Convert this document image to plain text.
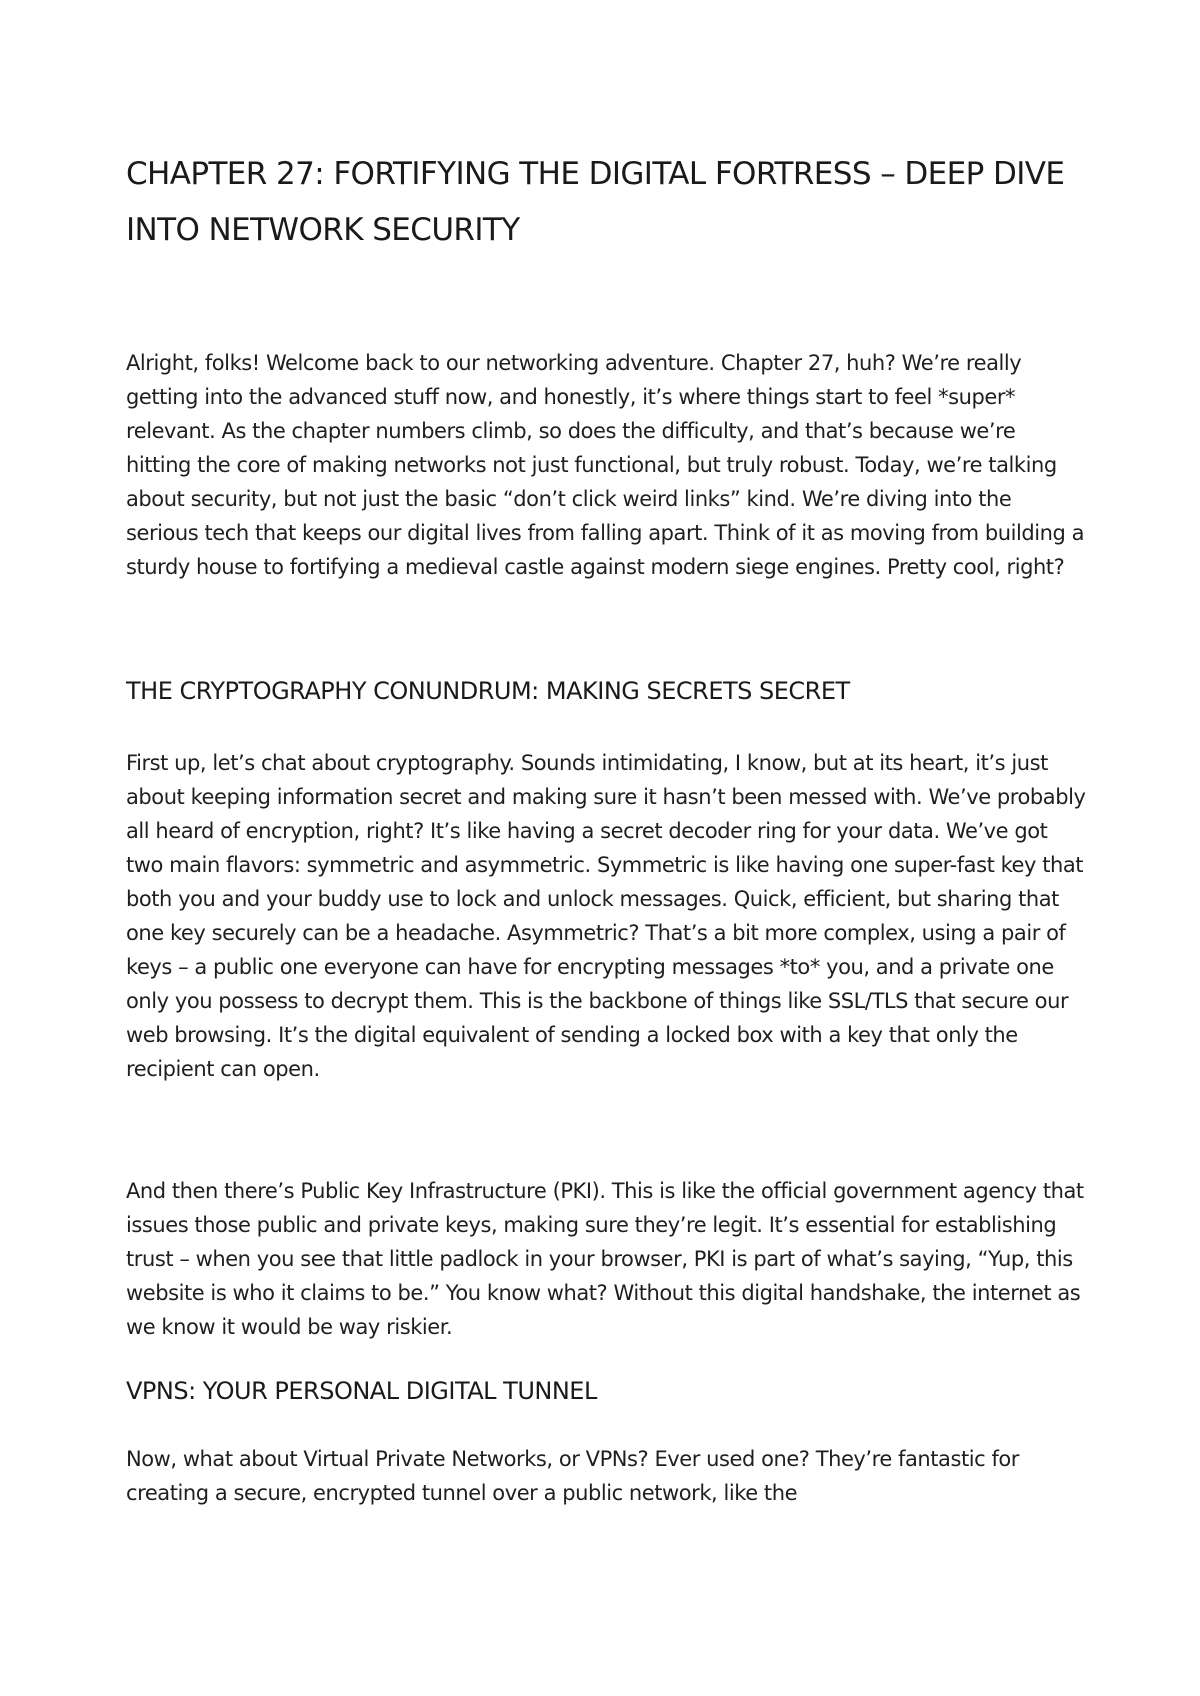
CHAPTER 27: FORTIFYING THE DIGITAL FORTRESS – DEEP DIVE INTO NETWORK SECURITY

Alright, folks! Welcome back to our networking adventure. Chapter 27, huh? We’re really getting into the advanced stuff now, and honestly, it’s where things start to feel *super* relevant. As the chapter numbers climb, so does the difficulty, and that’s because we’re hitting the core of making networks not just functional, but truly robust. Today, we’re talking about security, but not just the basic “don’t click weird links” kind. We’re diving into the serious tech that keeps our digital lives from falling apart. Think of it as moving from building a sturdy house to fortifying a medieval castle against modern siege engines. Pretty cool, right?

THE CRYPTOGRAPHY CONUNDRUM: MAKING SECRETS SECRET

First up, let’s chat about cryptography. Sounds intimidating, I know, but at its heart, it’s just about keeping information secret and making sure it hasn’t been messed with. We’ve probably all heard of encryption, right? It’s like having a secret decoder ring for your data. We’ve got two main flavors: symmetric and asymmetric. Symmetric is like having one super-fast key that both you and your buddy use to lock and unlock messages. Quick, efficient, but sharing that one key securely can be a headache. Asymmetric? That’s a bit more complex, using a pair of keys – a public one everyone can have for encrypting messages *to* you, and a private one only you possess to decrypt them. This is the backbone of things like SSL/TLS that secure our web browsing. It’s the digital equivalent of sending a locked box with a key that only the recipient can open.

And then there’s Public Key Infrastructure (PKI). This is like the official government agency that issues those public and private keys, making sure they’re legit. It’s essential for establishing trust – when you see that little padlock in your browser, PKI is part of what’s saying, “Yup, this website is who it claims to be.” You know what? Without this digital handshake, the internet as we know it would be way riskier.

VPNS: YOUR PERSONAL DIGITAL TUNNEL

Now, what about Virtual Private Networks, or VPNs? Ever used one? They’re fantastic for creating a secure, encrypted tunnel over a public network, like the
